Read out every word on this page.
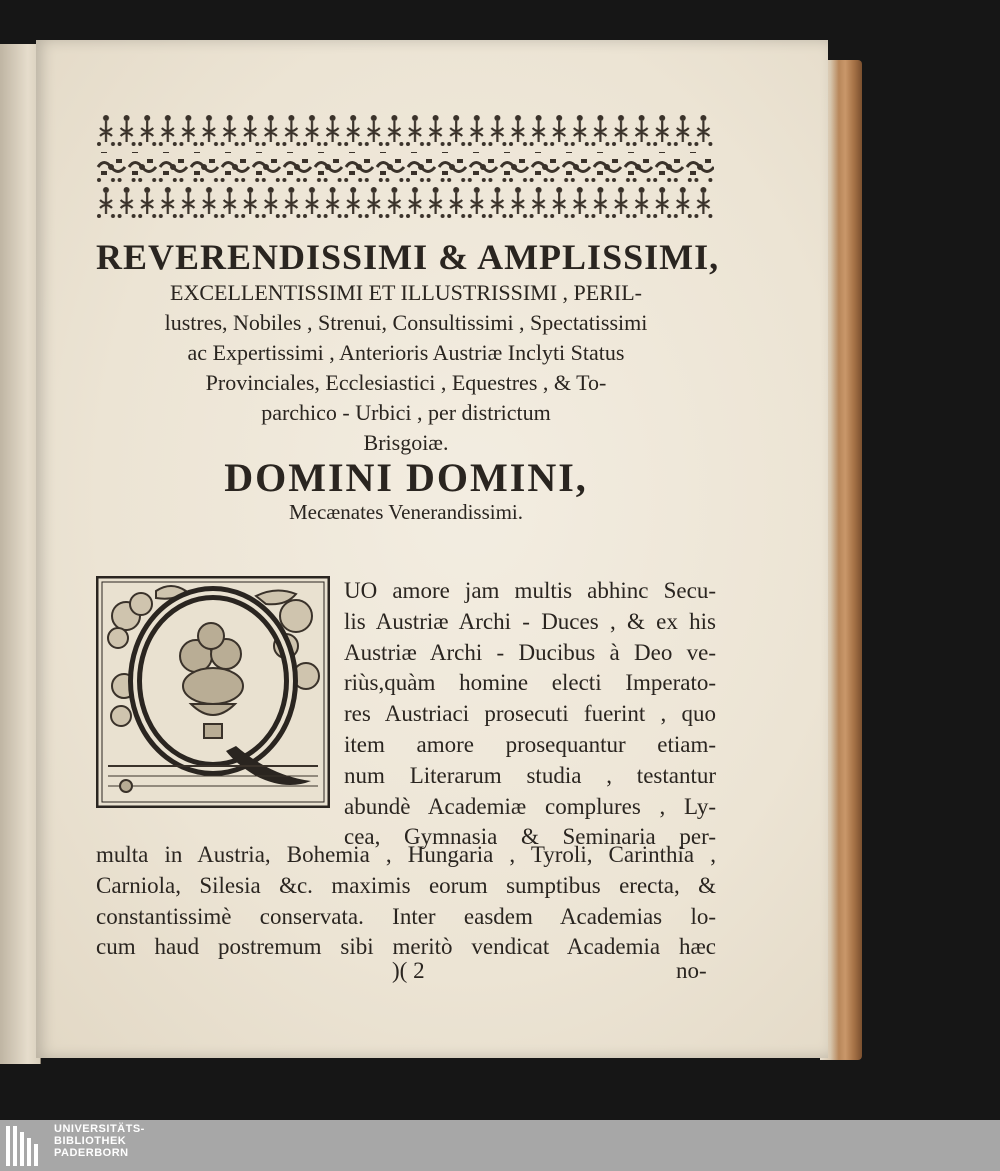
REVERENDISSIMI & AMPLISSIMI,
EXCELLENTISSIMI ET ILLUSTRISSIMI , PERIL-
lustres, Nobiles , Strenui, Consultissimi , Spectatissimi
ac Expertissimi , Anterioris Austriæ Inclyti Status
Provinciales, Ecclesiastici , Equestres , & To-
parchico - Urbici , per districtum
Brisgoiæ.
DOMINI DOMINI,
Mecænates Venerandissimi.
UO amore jam multis abhinc Secu-
lis Austriæ Archi - Duces , & ex his
Austriæ Archi - Ducibus à Deo ve-
riùs,quàm homine electi Imperato-
res Austriaci prosecuti fuerint , quo
item amore prosequantur etiam-
num Literarum studia , testantur
abundè Academiæ complures , Ly-
cea, Gymnasia & Seminaria per-
multa in Austria, Bohemia , Hungaria , Tyroli, Carinthia ,
Carniola, Silesia &c. maximis eorum sumptibus erecta, &
constantissimè conservata. Inter easdem Academias lo-
cum haud postremum sibi meritò vendicat Academia hæc
)( 2	no-
UNIVERSITÄTS-
BIBLIOTHEK
PADERBORN
